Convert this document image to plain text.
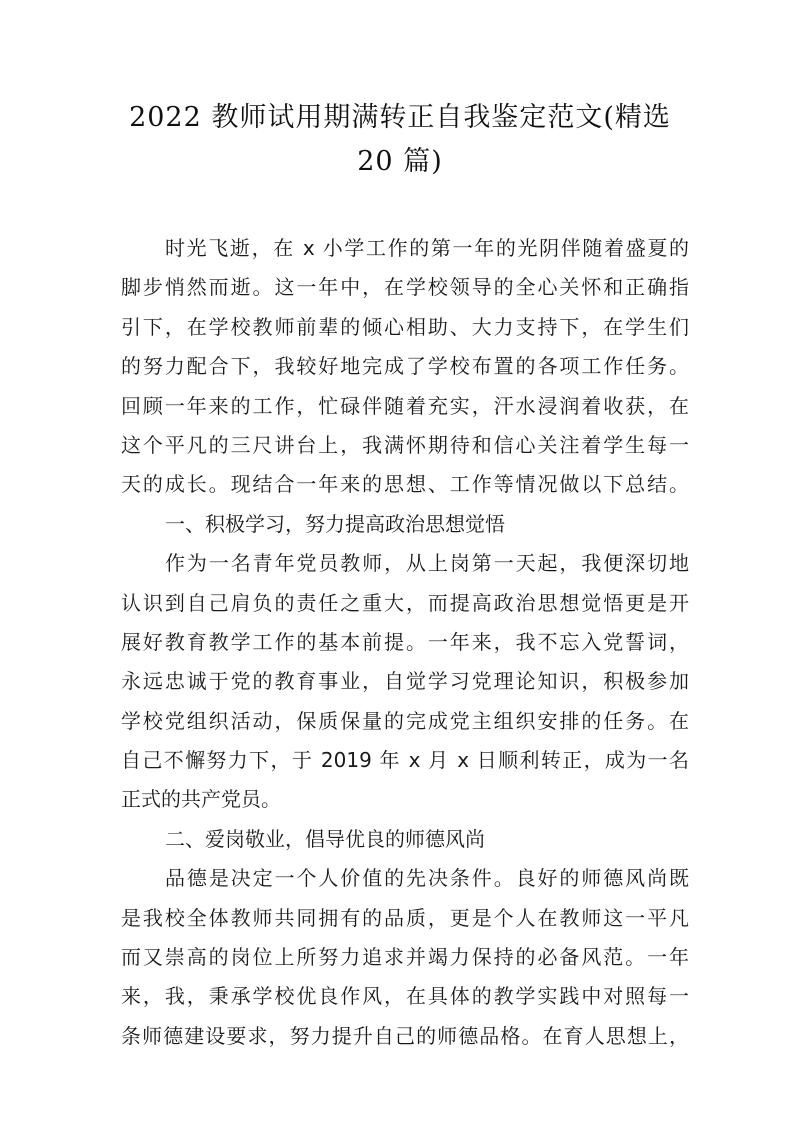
2022 教师试用期满转正自我鉴定范文(精选
20 篇)
时光飞逝，在 x 小学工作的第一年的光阴伴随着盛夏的
脚步悄然而逝。这一年中，在学校领导的全心关怀和正确指
引下，在学校教师前辈的倾心相助、大力支持下，在学生们
的努力配合下，我较好地完成了学校布置的各项工作任务。
回顾一年来的工作，忙碌伴随着充实，汗水浸润着收获，在
这个平凡的三尺讲台上，我满怀期待和信心关注着学生每一
天的成长。现结合一年来的思想、工作等情况做以下总结。
一、积极学习，努力提高政治思想觉悟
作为一名青年党员教师，从上岗第一天起，我便深切地
认识到自己肩负的责任之重大，而提高政治思想觉悟更是开
展好教育教学工作的基本前提。一年来，我不忘入党誓词，
永远忠诚于党的教育事业，自觉学习党理论知识，积极参加
学校党组织活动，保质保量的完成党主组织安排的任务。在
自己不懈努力下，于 2019 年 x 月 x 日顺利转正，成为一名
正式的共产党员。
二、爱岗敬业，倡导优良的师德风尚
品德是决定一个人价值的先决条件。良好的师德风尚既
是我校全体教师共同拥有的品质，更是个人在教师这一平凡
而又崇高的岗位上所努力追求并竭力保持的必备风范。一年
来，我，秉承学校优良作风，在具体的教学实践中对照每一
条师德建设要求，努力提升自己的师德品格。在育人思想上，
